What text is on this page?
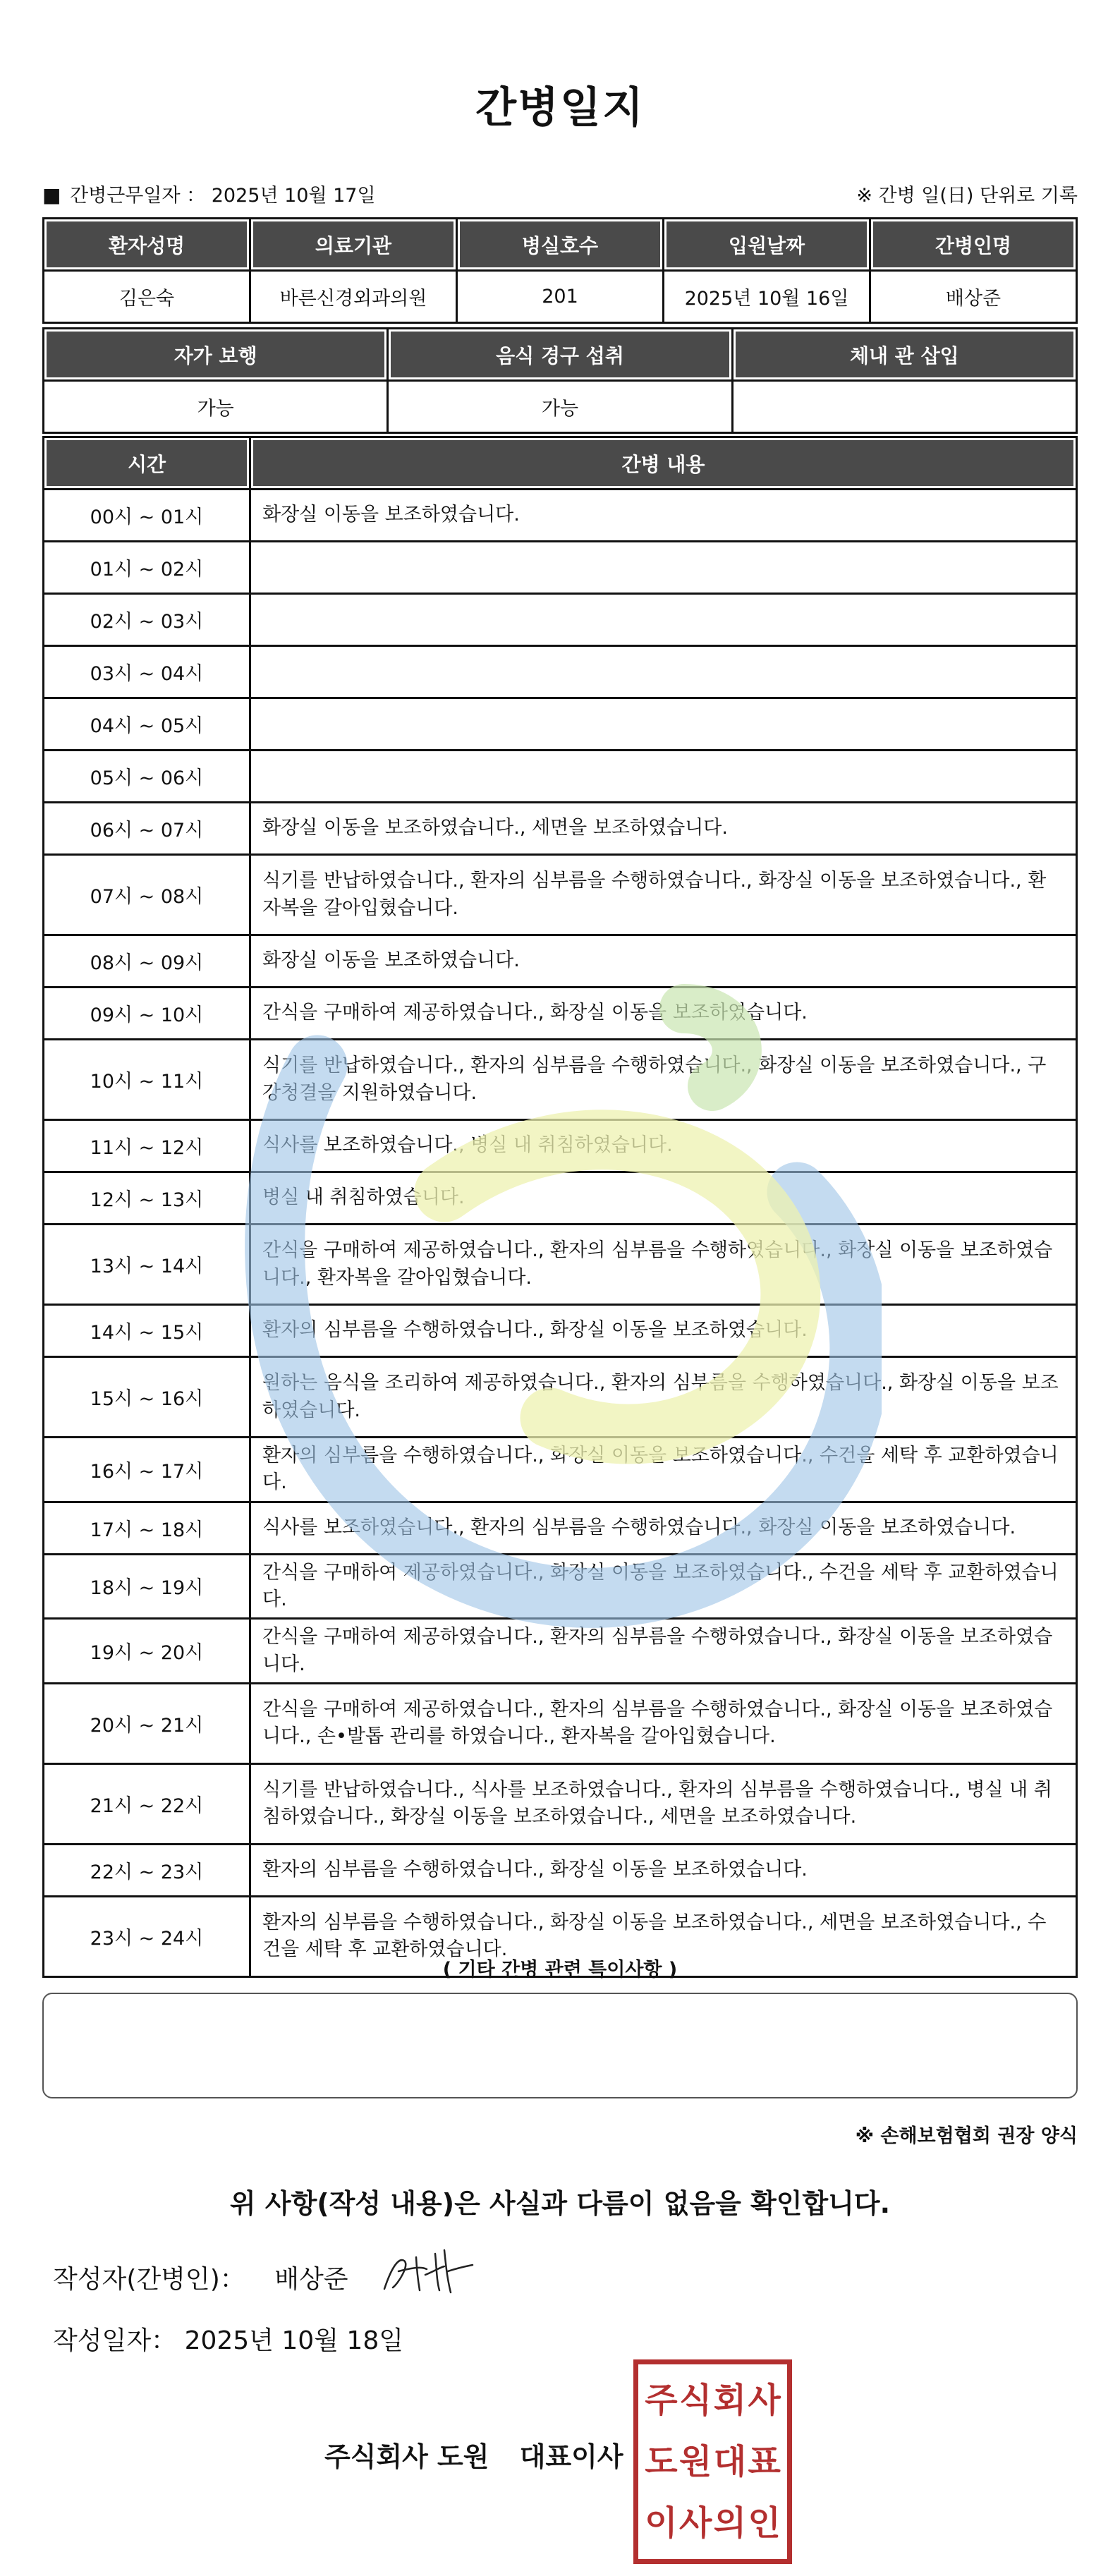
간병일지
■ 간병근무일자 ： 2025년 10월 17일	※ 간병 일(日) 단위로 기록
환자성명	의료기관	병실호수	입원날짜	간병인명
김은숙	바른신경외과의원	201	2025년 10월 16일	배상준
자가 보행	음식 경구 섭취	체내 관 삽입
가능	가능	
시간	간병 내용
00시 ~ 01시	화장실 이동을 보조하였습니다.
01시 ~ 02시	
02시 ~ 03시	
03시 ~ 04시	
04시 ~ 05시	
05시 ~ 06시	
06시 ~ 07시	화장실 이동을 보조하였습니다., 세면을 보조하였습니다.
07시 ~ 08시	식기를 반납하였습니다., 환자의 심부름을 수행하였습니다., 화장실 이동을 보조하였습니다., 환자복을 갈아입혔습니다.
08시 ~ 09시	화장실 이동을 보조하였습니다.
09시 ~ 10시	간식을 구매하여 제공하였습니다., 화장실 이동을 보조하였습니다.
10시 ~ 11시	식기를 반납하였습니다., 환자의 심부름을 수행하였습니다., 화장실 이동을 보조하였습니다., 구강청결을 지원하였습니다.
11시 ~ 12시	식사를 보조하였습니다., 병실 내 취침하였습니다.
12시 ~ 13시	병실 내 취침하였습니다.
13시 ~ 14시	간식을 구매하여 제공하였습니다., 환자의 심부름을 수행하였습니다., 화장실 이동을 보조하였습니다., 환자복을 갈아입혔습니다.
14시 ~ 15시	환자의 심부름을 수행하였습니다., 화장실 이동을 보조하였습니다.
15시 ~ 16시	원하는 음식을 조리하여 제공하였습니다., 환자의 심부름을 수행하였습니다., 화장실 이동을 보조하였습니다.
16시 ~ 17시	환자의 심부름을 수행하였습니다., 화장실 이동을 보조하였습니다., 수건을 세탁 후 교환하였습니다.
17시 ~ 18시	식사를 보조하였습니다., 환자의 심부름을 수행하였습니다., 화장실 이동을 보조하였습니다.
18시 ~ 19시	간식을 구매하여 제공하였습니다., 화장실 이동을 보조하였습니다., 수건을 세탁 후 교환하였습니다.
19시 ~ 20시	간식을 구매하여 제공하였습니다., 환자의 심부름을 수행하였습니다., 화장실 이동을 보조하였습니다.
20시 ~ 21시	간식을 구매하여 제공하였습니다., 환자의 심부름을 수행하였습니다., 화장실 이동을 보조하였습니다., 손•발톱 관리를 하였습니다., 환자복을 갈아입혔습니다.
21시 ~ 22시	식기를 반납하였습니다., 식사를 보조하였습니다., 환자의 심부름을 수행하였습니다., 병실 내 취침하였습니다., 화장실 이동을 보조하였습니다., 세면을 보조하였습니다.
22시 ~ 23시	환자의 심부름을 수행하였습니다., 화장실 이동을 보조하였습니다.
23시 ~ 24시	환자의 심부름을 수행하였습니다., 화장실 이동을 보조하였습니다., 세면을 보조하였습니다., 수건을 세탁 후 교환하였습니다.
( 기타 간병 관련 특이사항 )
※ 손해보험협회 권장 양식
위 사항(작성 내용)은 사실과 다름이 없음을 확인합니다.
작성자(간병인)： 배상준
작성일자： 2025년 10월 18일
주식회사 도원 대표이사
주 식 회 사
도 원 대 표
이 사 의 인
